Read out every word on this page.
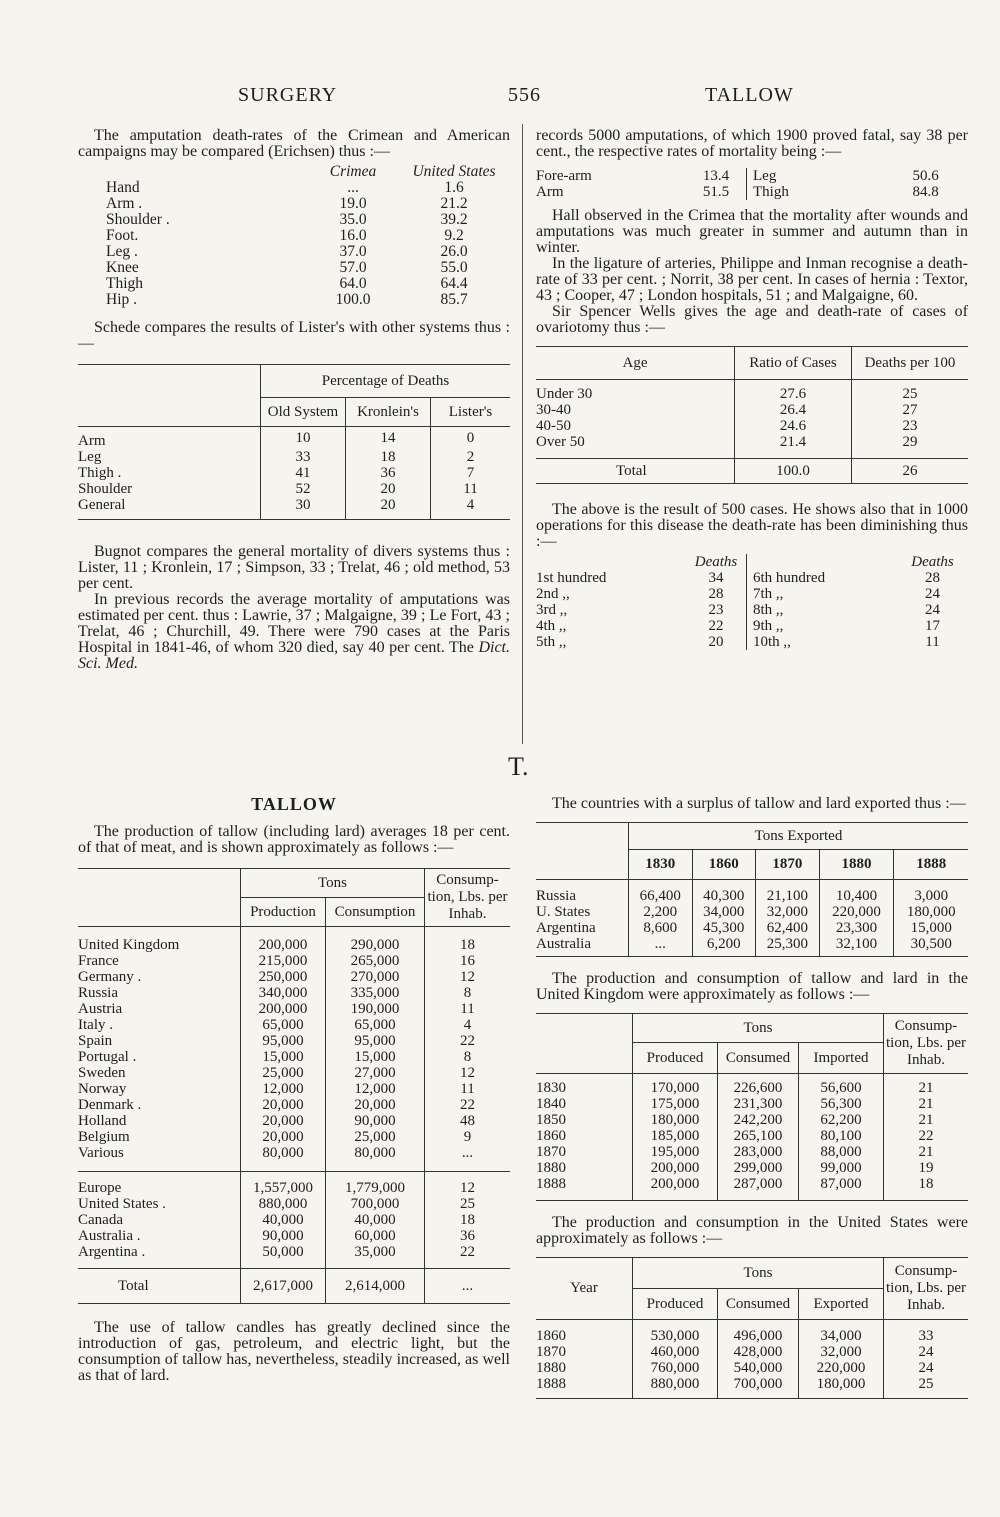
SURGERY	556	TALLOW

The amputation death-rates of the Crimean and American campaigns may be compared (Erichsen) thus :—

	Crimea	United States
Hand	...	1.6
Arm .	19.0	21.2
Shoulder .	35.0	39.2
Foot.	16.0	9.2
Leg .	37.0	26.0
Knee	57.0	55.0
Thigh	64.0	64.4
Hip .	100.0	85.7

Schede compares the results of Lister's with other systems thus :—

	Percentage of Deaths		
	Old System	Kronlein's	Lister's
Arm	10	14	0
Leg	33	18	2
Thigh .	41	36	7
Shoulder	52	20	11
General	30	20	4

Bugnot compares the general mortality of divers systems thus : Lister, 11 ; Kronlein, 17 ; Simpson, 33 ; Trelat, 46 ; old method, 53 per cent.

In previous records the average mortality of amputations was estimated per cent. thus : Lawrie, 37 ; Malgaigne, 39 ; Le Fort, 43 ; Trelat, 46 ; Churchill, 49. There were 790 cases at the Paris Hospital in 1841-46, of whom 320 died, say 40 per cent. The Dict. Sci. Med.

T.
TALLOW

The production of tallow (including lard) averages 18 per cent. of that of meat, and is shown approximately as follows :—

	Tons		Consump-tion, Lbs. per Inhab.
	Production	Consumption	

United Kingdom	200,000	290,000	18
France	215,000	265,000	16
Germany .	250,000	270,000	12
Russia	340,000	335,000	8
Austria	200,000	190,000	11
Italy .	65,000	65,000	4
Spain	95,000	95,000	22
Portugal .	15,000	15,000	8
Sweden	25,000	27,000	12
Norway	12,000	12,000	11
Denmark .	20,000	20,000	22
Holland	20,000	90,000	48
Belgium	20,000	25,000	9
Various	80,000	80,000	...

Europe	1,557,000	1,779,000	12
United States .	880,000	700,000	25
Canada	40,000	40,000	18
Australia .	90,000	60,000	36
Argentina .	50,000	35,000	22

Total	2,617,000	2,614,000	...

The use of tallow candles has greatly declined since the introduction of gas, petroleum, and electric light, but the consumption of tallow has, nevertheless, steadily increased, as well as that of lard.

records 5000 amputations, of which 1900 proved fatal, say 38 per cent., the respective rates of mortality being :—

Fore-arm	13.4	Leg	50.6
Arm	51.5	Thigh	84.8

Hall observed in the Crimea that the mortality after wounds and amputations was much greater in summer and autumn than in winter.

In the ligature of arteries, Philippe and Inman recognise a death-rate of 33 per cent. ; Norrit, 38 per cent. In cases of hernia : Textor, 43 ; Cooper, 47 ; London hospitals, 51 ; and Malgaigne, 60.

Sir Spencer Wells gives the age and death-rate of cases of ovariotomy thus :—

Age	Ratio of Cases	Deaths per 100

Under 30	27.6	25
30-40	26.4	27
40-50	24.6	23
Over 50	21.4	29

Total	100.0	26

The above is the result of 500 cases. He shows also that in 1000 operations for this disease the death-rate has been diminishing thus :—

	Deaths		Deaths
1st hundred	34	6th hundred	28
2nd ,,	28	7th ,,	24
3rd ,,	23	8th ,,	24
4th ,,	22	9th ,,	17
5th ,,	20	10th ,,	11

The countries with a surplus of tallow and lard exported thus :—

	Tons Exported				
	1830	1860	1870	1880	1888

Russia	66,400	40,300	21,100	10,400	3,000
U. States	2,200	34,000	32,000	220,000	180,000
Argentina	8,600	45,300	62,400	23,300	15,000
Australia	...	6,200	25,300	32,100	30,500

The production and consumption of tallow and lard in the United Kingdom were approximately as follows :—

	Tons			Consump-tion, Lbs. per Inhab.
	Produced	Consumed	Imported	

1830	170,000	226,600	56,600	21
1840	175,000	231,300	56,300	21
1850	180,000	242,200	62,200	21
1860	185,000	265,100	80,100	22
1870	195,000	283,000	88,000	21
1880	200,000	299,000	99,000	19
1888	200,000	287,000	87,000	18

The production and consumption in the United States were approximately as follows :—

Year	Tons			Consump-tion, Lbs. per Inhab.
	Produced	Consumed	Exported	

1860	530,000	496,000	34,000	33
1870	460,000	428,000	32,000	24
1880	760,000	540,000	220,000	24
1888	880,000	700,000	180,000	25
